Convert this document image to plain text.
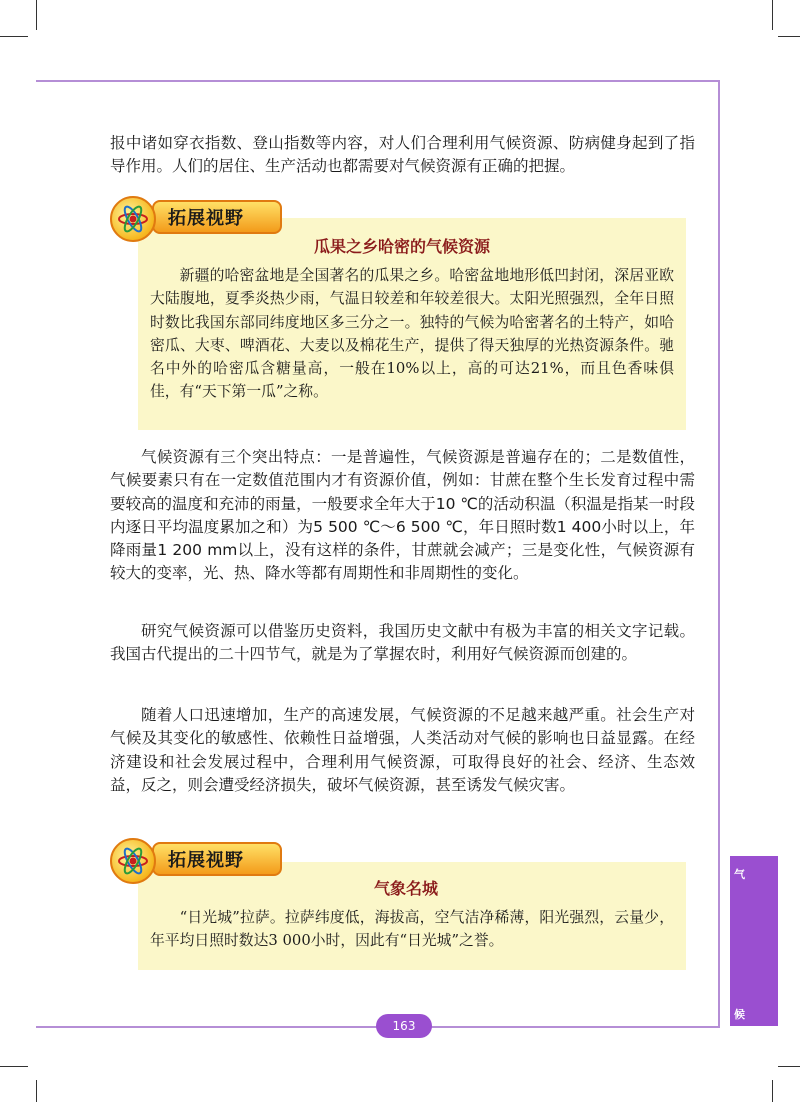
报中诸如穿衣指数、登山指数等内容，对人们合理利用气候资源、防病健身起到了指导作用。人们的居住、生产活动也都需要对气候资源有正确的把握。

瓜果之乡哈密的气候资源

新疆的哈密盆地是全国著名的瓜果之乡。哈密盆地地形低凹封闭，深居亚欧大陆腹地，夏季炎热少雨，气温日较差和年较差很大。太阳光照强烈，全年日照时数比我国东部同纬度地区多三分之一。独特的气候为哈密著名的土特产，如哈密瓜、大枣、啤酒花、大麦以及棉花生产，提供了得天独厚的光热资源条件。驰名中外的哈密瓜含糖量高，一般在10%以上，高的可达21%，而且色香味俱佳，有“天下第一瓜”之称。

拓展视野

气候资源有三个突出特点：一是普遍性，气候资源是普遍存在的；二是数值性，气候要素只有在一定数值范围内才有资源价值，例如：甘蔗在整个生长发育过程中需要较高的温度和充沛的雨量，一般要求全年大于10 ℃的活动积温（积温是指某一时段内逐日平均温度累加之和）为5 500 ℃～6 500 ℃，年日照时数1 400小时以上，年降雨量1 200 mm以上，没有这样的条件，甘蔗就会减产；三是变化性，气候资源有较大的变率，光、热、降水等都有周期性和非周期性的变化。

研究气候资源可以借鉴历史资料，我国历史文献中有极为丰富的相关文字记载。我国古代提出的二十四节气，就是为了掌握农时，利用好气候资源而创建的。

随着人口迅速增加，生产的高速发展，气候资源的不足越来越严重。社会生产对气候及其变化的敏感性、依赖性日益增强，人类活动对气候的影响也日益显露。在经济建设和社会发展过程中，合理利用气候资源，可取得良好的社会、经济、生态效益，反之，则会遭受经济损失，破坏气候资源，甚至诱发气候灾害。

气象名城

“日光城”拉萨。拉萨纬度低，海拔高，空气洁净稀薄，阳光强烈，云量少，年平均日照时数达3 000小时，因此有“日光城”之誉。

拓展视野
气
候
163
